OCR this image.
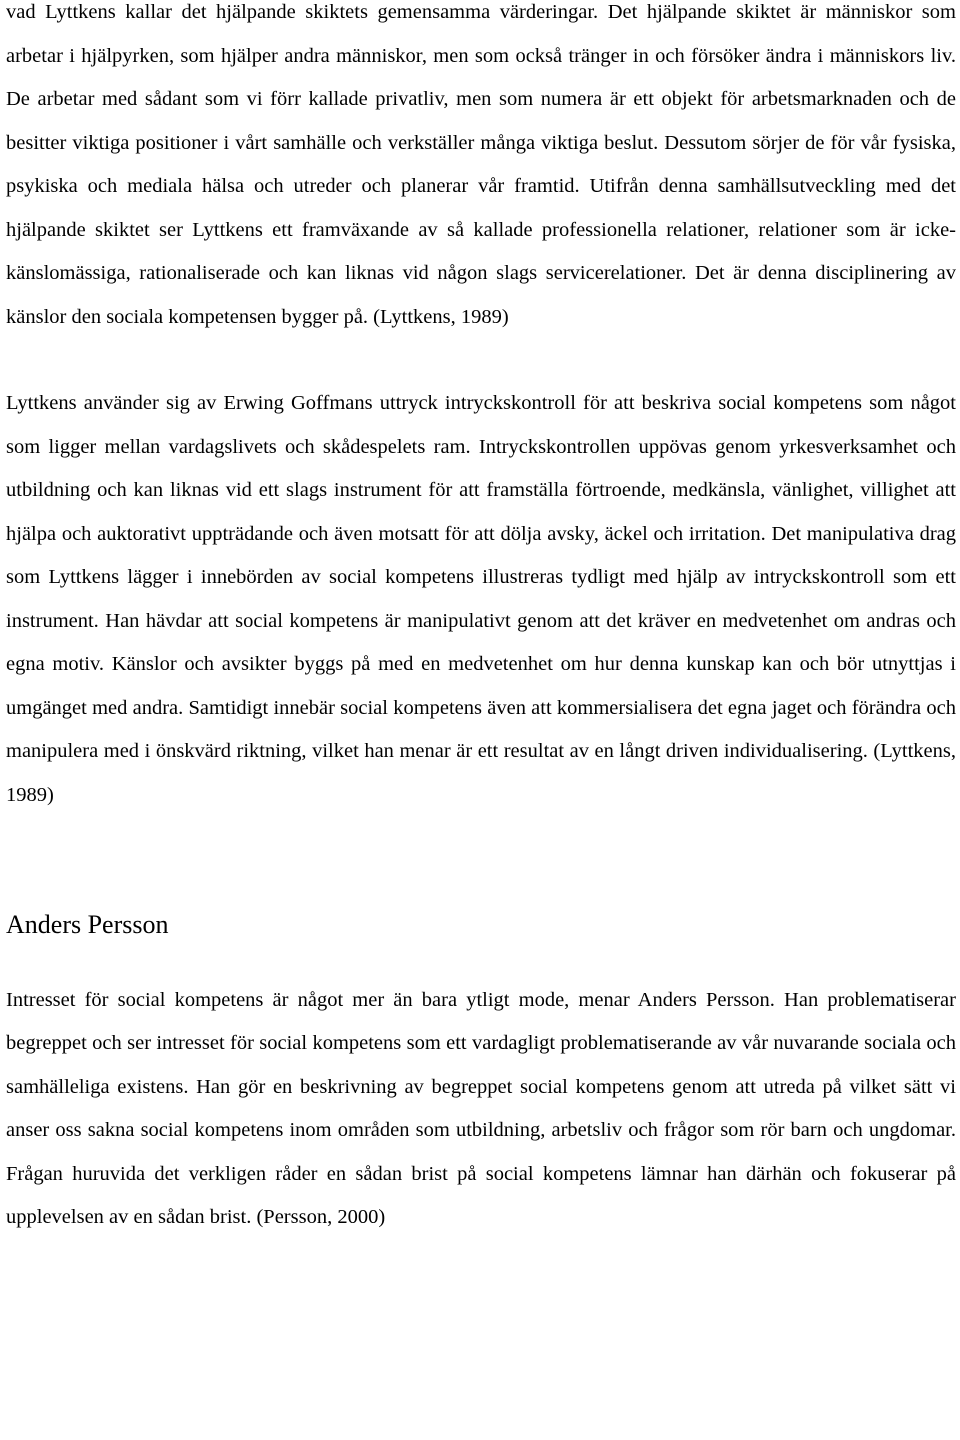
vad Lyttkens kallar det hjälpande skiktets gemensamma värderingar. Det hjälpande skiktet är människor som arbetar i hjälpyrken, som hjälper andra människor, men som också tränger in och försöker ändra i människors liv. De arbetar med sådant som vi förr kallade privatliv, men som numera är ett objekt för arbetsmarknaden och de besitter viktiga positioner i vårt samhälle och verkställer många viktiga beslut. Dessutom sörjer de för vår fysiska, psykiska och mediala hälsa och utreder och planerar vår framtid. Utifrån denna samhällsutveckling med det hjälpande skiktet ser Lyttkens ett framväxande av så kallade professionella relationer, relationer som är icke-känslomässiga, rationaliserade och kan liknas vid någon slags servicerelationer. Det är denna disciplinering av känslor den sociala kompetensen bygger på. (Lyttkens, 1989)

Lyttkens använder sig av Erwing Goffmans uttryck intryckskontroll för att beskriva social kompetens som något som ligger mellan vardagslivets och skådespelets ram. Intryckskontrollen uppövas genom yrkesverksamhet och utbildning och kan liknas vid ett slags instrument för att framställa förtroende, medkänsla, vänlighet, villighet att hjälpa och auktorativt uppträdande och även motsatt för att dölja avsky, äckel och irritation. Det manipulativa drag som Lyttkens lägger i innebörden av social kompetens illustreras tydligt med hjälp av intryckskontroll som ett instrument. Han hävdar att social kompetens är manipulativt genom att det kräver en medvetenhet om andras och egna motiv. Känslor och avsikter byggs på med en medvetenhet om hur denna kunskap kan och bör utnyttjas i umgänget med andra. Samtidigt innebär social kompetens även att kommersialisera det egna jaget och förändra och manipulera med i önskvärd riktning, vilket han menar är ett resultat av en långt driven individualisering. (Lyttkens, 1989)

Anders Persson

Intresset för social kompetens är något mer än bara ytligt mode, menar Anders Persson. Han problematiserar begreppet och ser intresset för social kompetens som ett vardagligt problematiserande av vår nuvarande sociala och samhälleliga existens. Han gör en beskrivning av begreppet social kompetens genom att utreda på vilket sätt vi anser oss sakna social kompetens inom områden som utbildning, arbetsliv och frågor som rör barn och ungdomar. Frågan huruvida det verkligen råder en sådan brist på social kompetens lämnar han därhän och fokuserar på upplevelsen av en sådan brist. (Persson, 2000)
